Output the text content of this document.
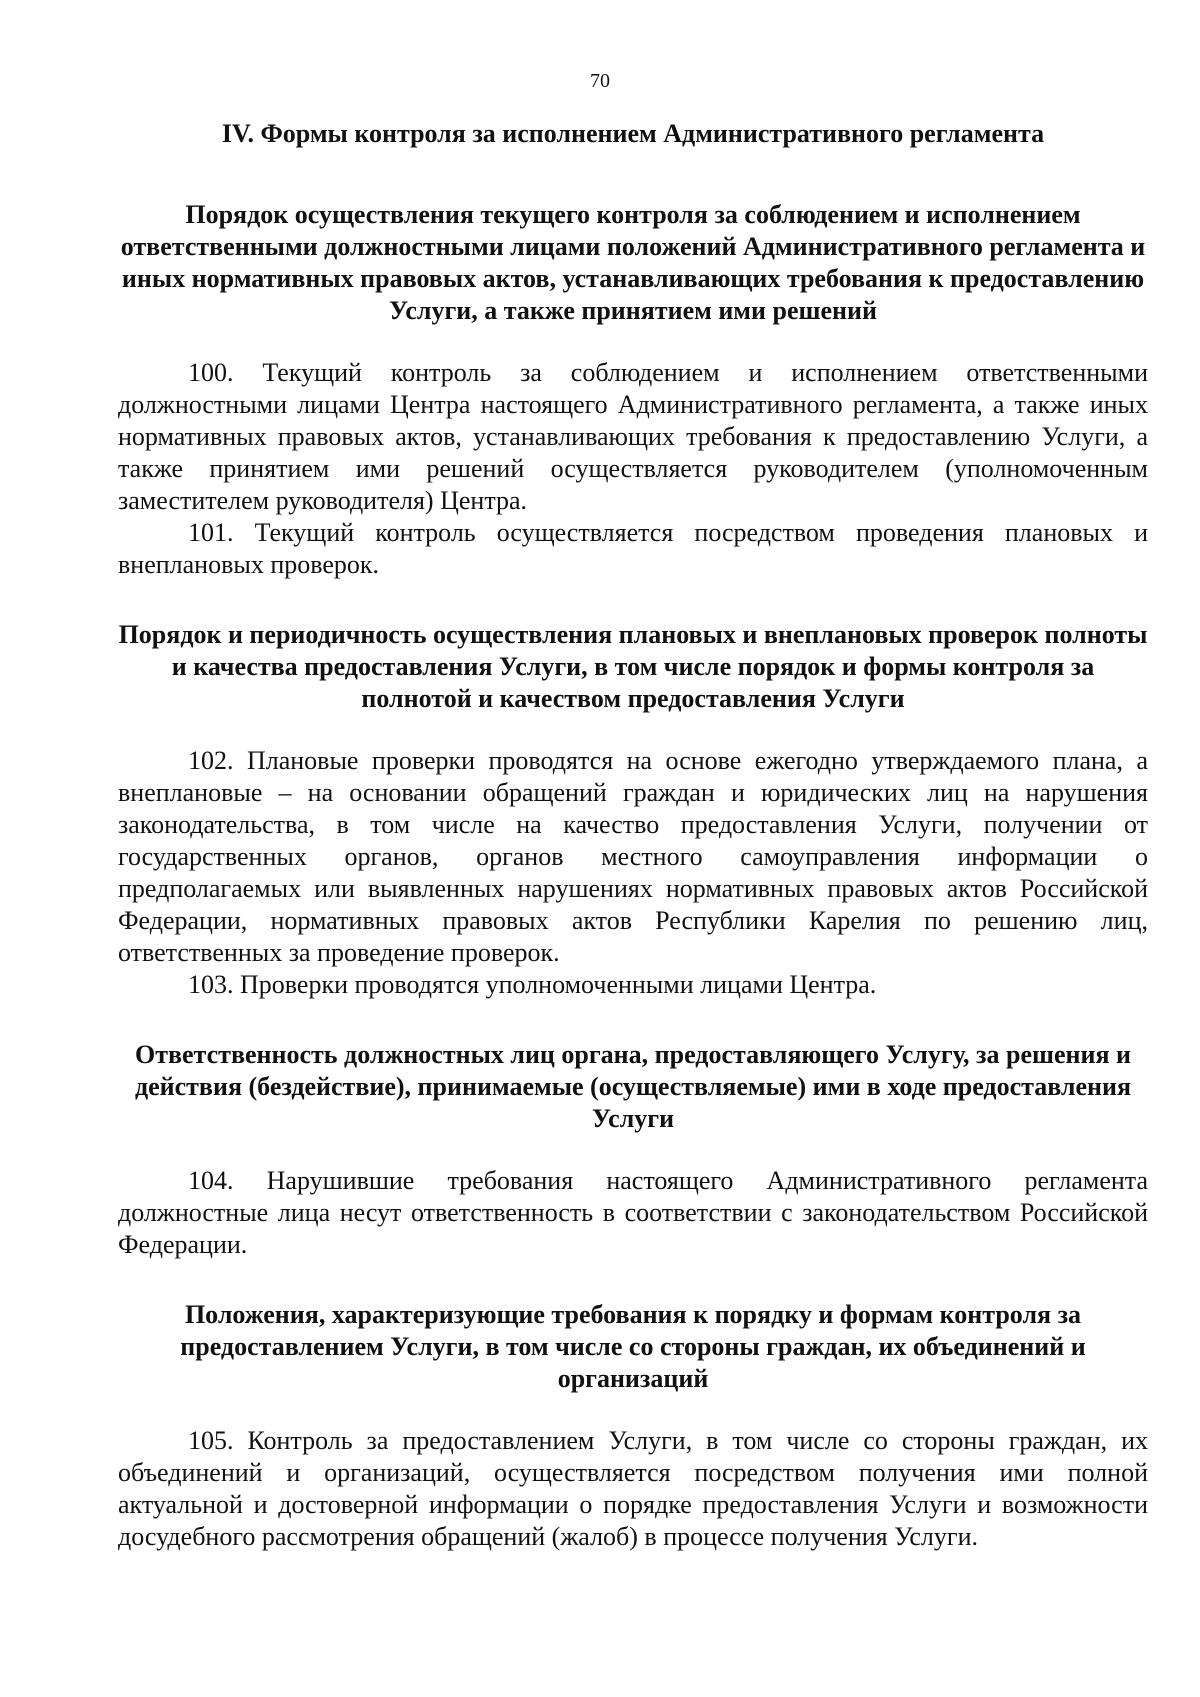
70
IV. Формы контроля за исполнением Административного регламента
Порядок осуществления текущего контроля за соблюдением и исполнением ответственными должностными лицами положений Административного регламента и иных нормативных правовых актов, устанавливающих требования к предоставлению Услуги, а также принятием ими решений

100. Текущий контроль за соблюдением и исполнением ответственными должностными лицами Центра настоящего Административного регламента, а также иных нормативных правовых актов, устанавливающих требования к предоставлению Услуги, а также принятием ими решений осуществляется руководителем (уполномоченным заместителем руководителя) Центра.

101. Текущий контроль осуществляется посредством проведения плановых и внеплановых проверок.

Порядок и периодичность осуществления плановых и внеплановых проверок полноты и качества предоставления Услуги, в том числе порядок и формы контроля за полнотой и качеством предоставления Услуги

102. Плановые проверки проводятся на основе ежегодно утверждаемого плана, а внеплановые – на основании обращений граждан и юридических лиц на нарушения законодательства, в том числе на качество предоставления Услуги, получении от государственных органов, органов местного самоуправления информации о предполагаемых или выявленных нарушениях нормативных правовых актов Российской Федерации, нормативных правовых актов Республики Карелия по решению лиц, ответственных за проведение проверок.

103. Проверки проводятся уполномоченными лицами Центра.

Ответственность должностных лиц органа, предоставляющего Услугу, за решения и действия (бездействие), принимаемые (осуществляемые) ими в ходе предоставления Услуги

104. Нарушившие требования настоящего Административного регламента должностные лица несут ответственность в соответствии с законодательством Российской Федерации.

Положения, характеризующие требования к порядку и формам контроля за предоставлением Услуги, в том числе со стороны граждан, их объединений и организаций

105. Контроль за предоставлением Услуги, в том числе со стороны граждан, их объединений и организаций, осуществляется посредством получения ими полной актуальной и достоверной информации о порядке предоставления Услуги и возможности досудебного рассмотрения обращений (жалоб) в процессе получения Услуги.
